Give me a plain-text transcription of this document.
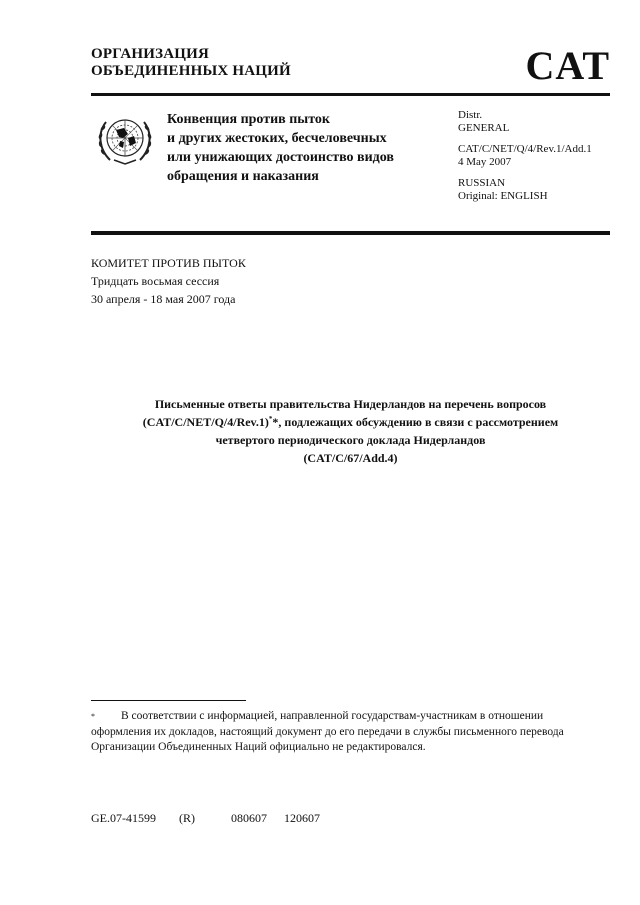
ОРГАНИЗАЦИЯ
ОБЪЕДИНЕННЫХ НАЦИЙ	CAT
Конвенция против пыток
и других жестоких, бесчеловечных
или унижающих достоинство видов
обращения и наказания
Distr.
GENERAL
CAT/C/NET/Q/4/Rev.1/Add.1
4 May 2007
RUSSIAN
Original: ENGLISH
КОМИТЕТ ПРОТИВ ПЫТОК
Тридцать восьмая сессия
30 апреля - 18 мая 2007 года
Письменные ответы правительства Нидерландов на перечень вопросов
(CAT/C/NET/Q/4/Rev.1)**, подлежащих обсуждению в связи с рассмотрением
четвертого периодического доклада Нидерландов
(CAT/C/67/Add.4)
* В соответствии с информацией, направленной государствам-участникам в отношении оформления их докладов, настоящий документ до его передачи в службы письменного перевода Организации Объединенных Наций официально не редактировался.
GE.07-41599 (R)	080607 120607
